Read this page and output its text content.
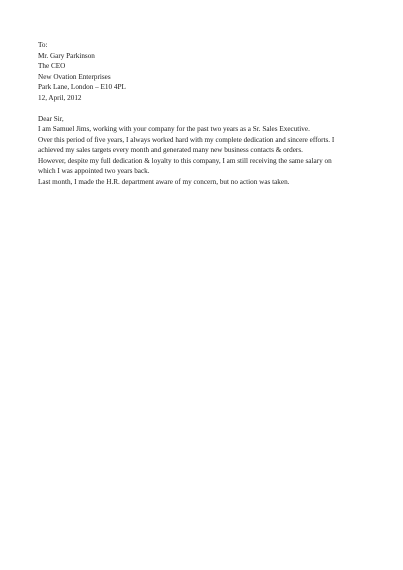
To:
Mr. Gary Parkinson
The CEO
New Ovation Enterprises
Park Lane, London – E10 4PL
12, April, 2012
Dear Sir,
I am Samuel Jims, working with your company for the past two years as a Sr. Sales Executive.
Over this period of five years, I always worked hard with my complete dedication and sincere efforts. I
achieved my sales targets every month and generated many new business contacts & orders.
However, despite my full dedication & loyalty to this company, I am still receiving the same salary on
which I was appointed two years back.
Last month, I made the H.R. department aware of my concern, but no action was taken.
